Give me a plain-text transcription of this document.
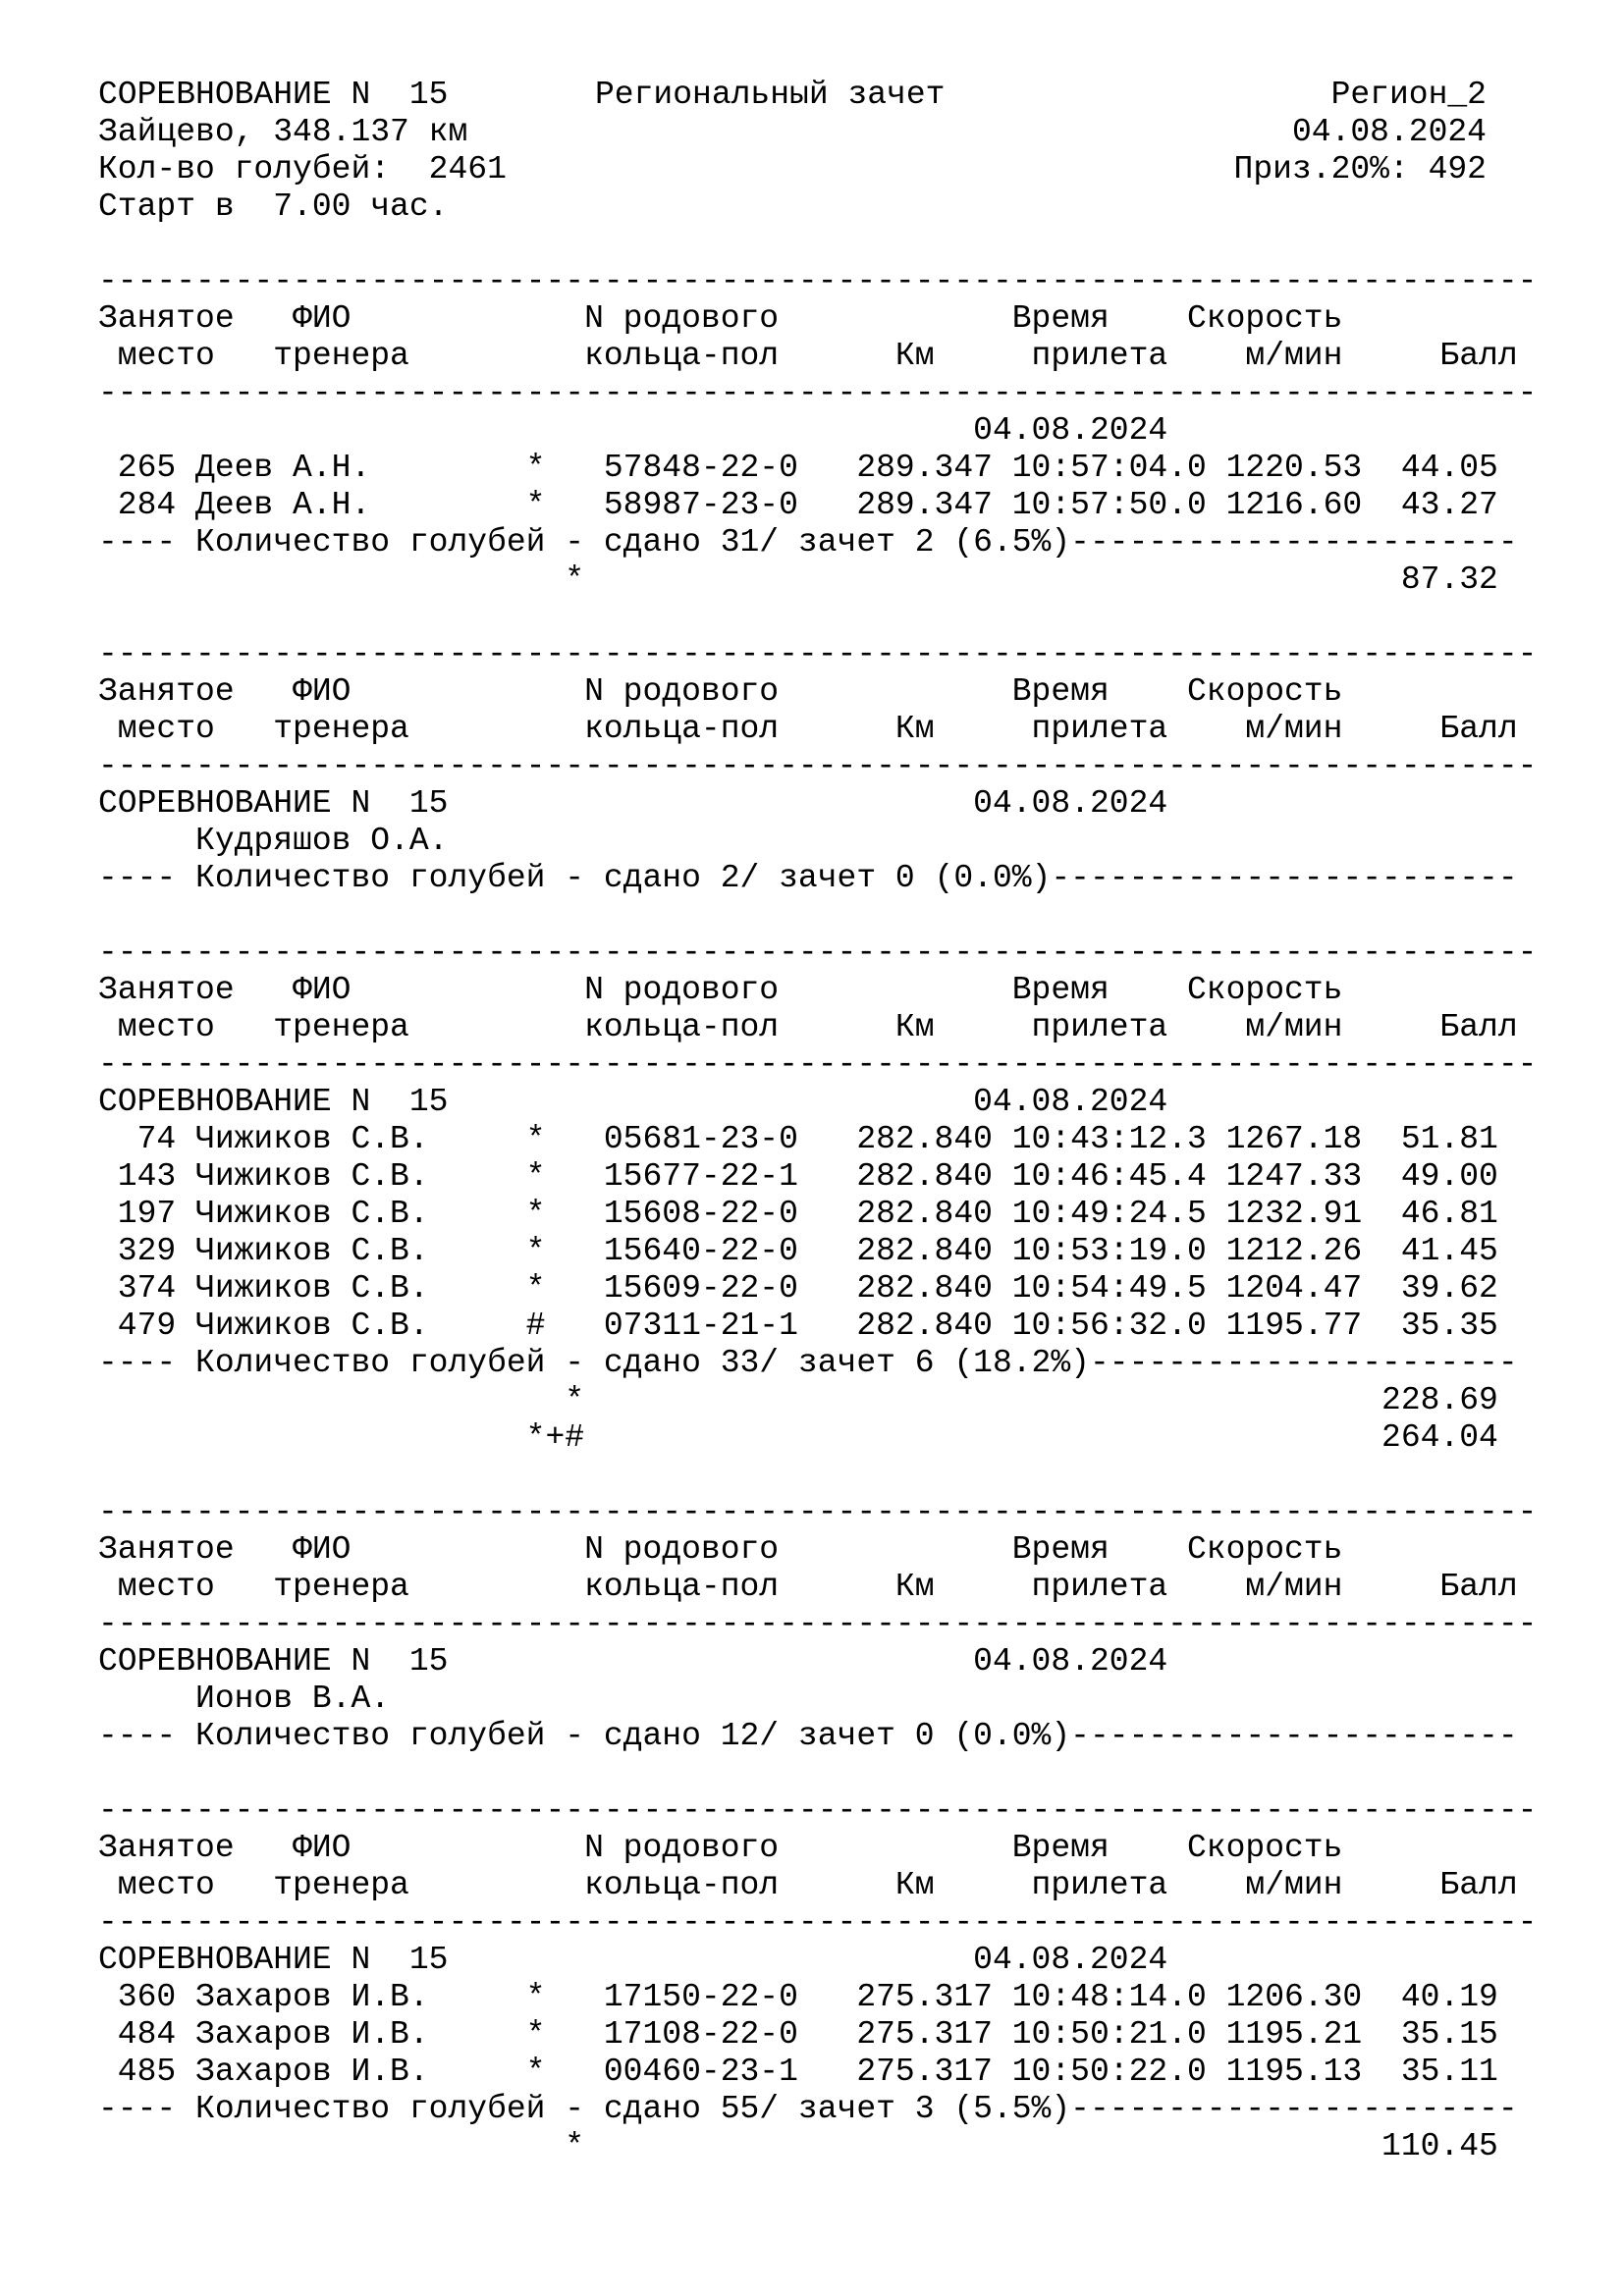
СОРЕВНОВАНИЕ N  15	Региональный зачет	Регион_2
Зайцево, 348.137 км	04.08.2024
Кол-во голубей:  2461	Приз.20%: 492
Старт в  7.00 час.
--------------------------------------------------------------------------
Занятое   ФИО            N родового            Время    Скорость
место   тренера         кольца-пол      Км     прилета    м/мин     Балл
--------------------------------------------------------------------------
04.08.2024
265 Деев А.Н.        *   57848-22-0   289.347 10:57:04.0 1220.53  44.05
284 Деев А.Н.        *   58987-23-0   289.347 10:57:50.0 1216.60  43.27
---- Количество голубей - сдано 31/ зачет 2 (6.5%)-----------------------
*                                          87.32
--------------------------------------------------------------------------
Занятое   ФИО            N родового            Время    Скорость
место   тренера         кольца-пол      Км     прилета    м/мин     Балл
--------------------------------------------------------------------------
СОРЕВНОВАНИЕ N  15                           04.08.2024
Кудряшов О.А.
---- Количество голубей - сдано 2/ зачет 0 (0.0%)------------------------
--------------------------------------------------------------------------
Занятое   ФИО            N родового            Время    Скорость
место   тренера         кольца-пол      Км     прилета    м/мин     Балл
--------------------------------------------------------------------------
СОРЕВНОВАНИЕ N  15                           04.08.2024
74 Чижиков С.В.     *   05681-23-0   282.840 10:43:12.3 1267.18  51.81
143 Чижиков С.В.     *   15677-22-1   282.840 10:46:45.4 1247.33  49.00
197 Чижиков С.В.     *   15608-22-0   282.840 10:49:24.5 1232.91  46.81
329 Чижиков С.В.     *   15640-22-0   282.840 10:53:19.0 1212.26  41.45
374 Чижиков С.В.     *   15609-22-0   282.840 10:54:49.5 1204.47  39.62
479 Чижиков С.В.     #   07311-21-1   282.840 10:56:32.0 1195.77  35.35
---- Количество голубей - сдано 33/ зачет 6 (18.2%)----------------------
*                                         228.69
*+#                                         264.04
--------------------------------------------------------------------------
Занятое   ФИО            N родового            Время    Скорость
место   тренера         кольца-пол      Км     прилета    м/мин     Балл
--------------------------------------------------------------------------
СОРЕВНОВАНИЕ N  15                           04.08.2024
Ионов В.А.
---- Количество голубей - сдано 12/ зачет 0 (0.0%)-----------------------
--------------------------------------------------------------------------
Занятое   ФИО            N родового            Время    Скорость
место   тренера         кольца-пол      Км     прилета    м/мин     Балл
--------------------------------------------------------------------------
СОРЕВНОВАНИЕ N  15                           04.08.2024
360 Захаров И.В.     *   17150-22-0   275.317 10:48:14.0 1206.30  40.19
484 Захаров И.В.     *   17108-22-0   275.317 10:50:21.0 1195.21  35.15
485 Захаров И.В.     *   00460-23-1   275.317 10:50:22.0 1195.13  35.11
---- Количество голубей - сдано 55/ зачет 3 (5.5%)-----------------------
*                                         110.45
